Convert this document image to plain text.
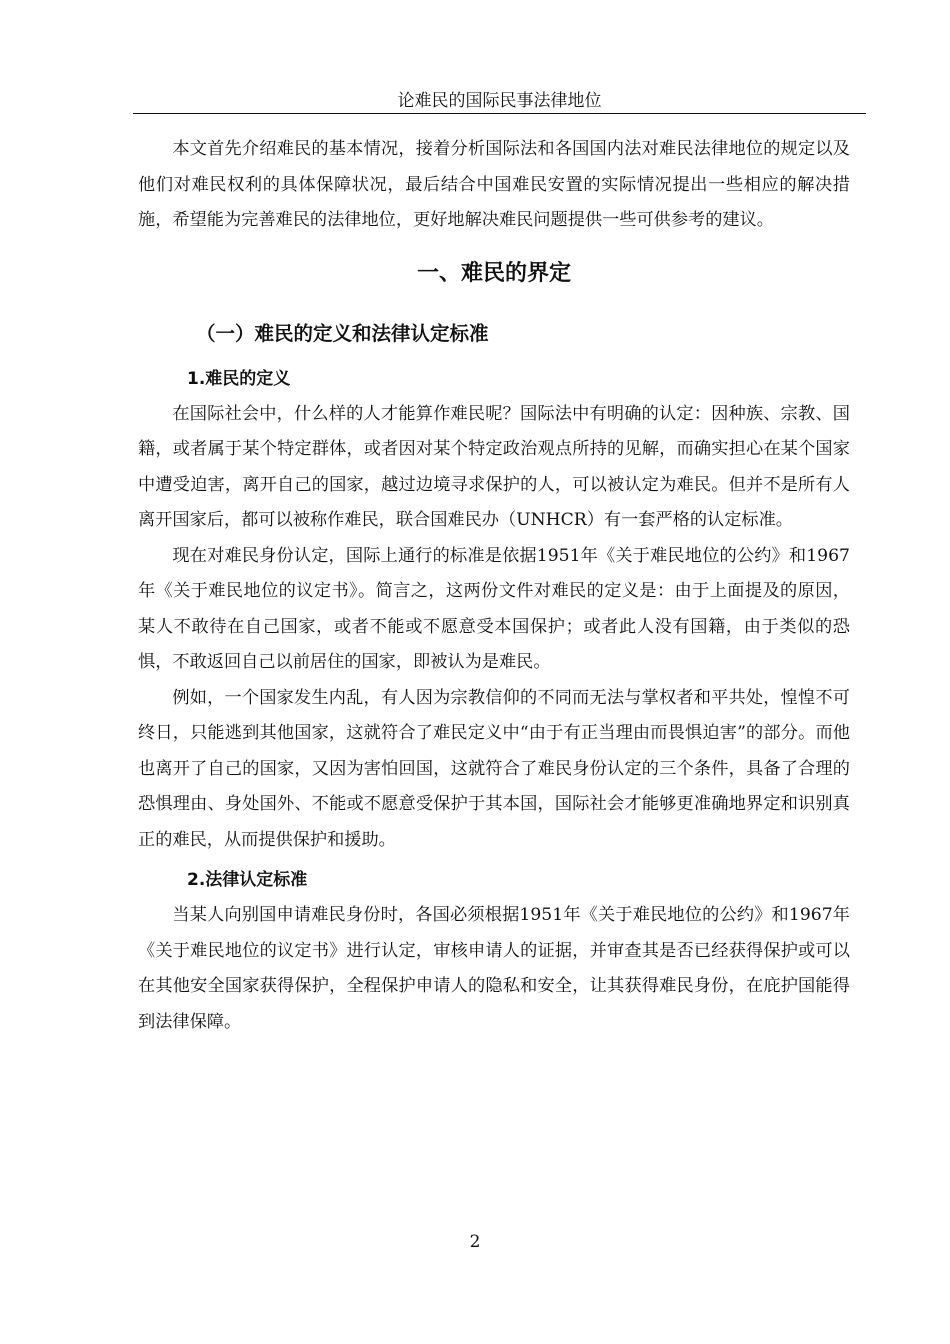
论难民的国际民事法律地位

本文首先介绍难民的基本情况，接着分析国际法和各国国内法对难民法律地位的规定以及他们对难民权利的具体保障状况，最后结合中国难民安置的实际情况提出一些相应的解决措施，希望能为完善难民的法律地位，更好地解决难民问题提供一些可供参考的建议。

一、难民的界定
（一）难民的定义和法律认定标准
1.难民的定义

在国际社会中，什么样的人才能算作难民呢？国际法中有明确的认定：因种族、宗教、国籍，或者属于某个特定群体，或者因对某个特定政治观点所持的见解，而确实担心在某个国家中遭受迫害，离开自己的国家，越过边境寻求保护的人，可以被认定为难民。但并不是所有人离开国家后，都可以被称作难民，联合国难民办（UNHCR）有一套严格的认定标准。

现在对难民身份认定，国际上通行的标准是依据1951年《关于难民地位的公约》和1967年《关于难民地位的议定书》。简言之，这两份文件对难民的定义是：由于上面提及的原因，某人不敢待在自己国家，或者不能或不愿意受本国保护；或者此人没有国籍，由于类似的恐惧，不敢返回自己以前居住的国家，即被认为是难民。

例如，一个国家发生内乱，有人因为宗教信仰的不同而无法与掌权者和平共处，惶惶不可终日，只能逃到其他国家，这就符合了难民定义中“由于有正当理由而畏惧迫害”的部分。而他也离开了自己的国家，又因为害怕回国，这就符合了难民身份认定的三个条件，具备了合理的恐惧理由、身处国外、不能或不愿意受保护于其本国，国际社会才能够更准确地界定和识别真正的难民，从而提供保护和援助。

2.法律认定标准

当某人向别国申请难民身份时，各国必须根据1951年《关于难民地位的公约》和1967年《关于难民地位的议定书》进行认定，审核申请人的证据，并审查其是否已经获得保护或可以在其他安全国家获得保护，全程保护申请人的隐私和安全，让其获得难民身份，在庇护国能得到法律保障。

2
